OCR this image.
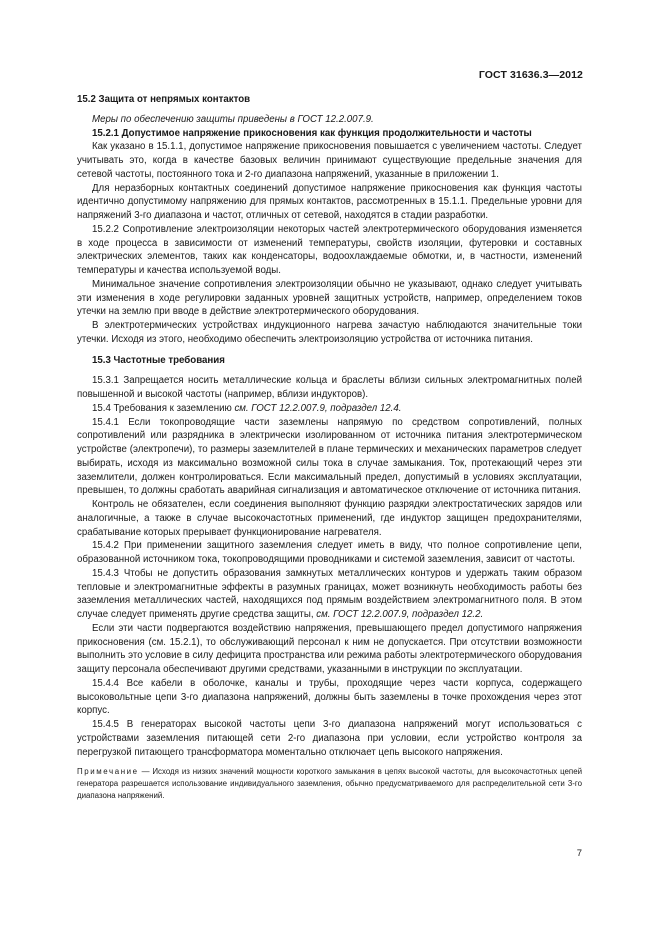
ГОСТ 31636.3—2012

15.2 Защита от непрямых контактов

Меры по обеспечению защиты приведены в ГОСТ 12.2.007.9.

15.2.1 Допустимое напряжение прикосновения как функция продолжительности и частоты

Как указано в 15.1.1, допустимое напряжение прикосновения повышается с увеличением частоты. Следует учитывать это, когда в качестве базовых величин принимают существующие предельные значения для сетевой частоты, постоянного тока и 2-го диапазона напряжений, указанные в приложении 1.

Для неразборных контактных соединений допустимое напряжение прикосновения как функция частоты идентично допустимому напряжению для прямых контактов, рассмотренных в 15.1.1. Предельные уровни для напряжений 3-го диапазона и частот, отличных от сетевой, находятся в стадии разработки.

15.2.2 Сопротивление электроизоляции некоторых частей электротермического оборудования изменяется в ходе процесса в зависимости от изменений температуры, свойств изоляции, футеровки и составных электрических элементов, таких как конденсаторы, водоохлаждаемые обмотки, и, в частности, изменений температуры и качества используемой воды.

Минимальное значение сопротивления электроизоляции обычно не указывают, однако следует учитывать эти изменения в ходе регулировки заданных уровней защитных устройств, например, определением токов утечки на землю при вводе в действие электротермического оборудования.

В электротермических устройствах индукционного нагрева зачастую наблюдаются значительные токи утечки. Исходя из этого, необходимо обеспечить электроизоляцию устройства от источника питания.

15.3 Частотные требования

15.3.1 Запрещается носить металлические кольца и браслеты вблизи сильных электромагнитных полей повышенной и высокой частоты (например, вблизи индукторов).

15.4 Требования к заземлению см. ГОСТ 12.2.007.9, подраздел 12.4.

15.4.1 Если токопроводящие части заземлены напрямую по средством сопротивлений, полных сопротивлений или разрядника в электрически изолированном от источника питания электротермическом устройстве (электропечи), то размеры заземлителей в плане термических и механических параметров следует выбирать, исходя из максимально возможной силы тока в случае замыкания. Ток, протекающий через эти заземлители, должен контролироваться. Если максимальный предел, допустимый в условиях эксплуатации, превышен, то должны сработать аварийная сигнализация и автоматическое отключение от источника питания.

Контроль не обязателен, если соединения выполняют функцию разрядки электростатических зарядов или аналогичные, а также в случае высокочастотных применений, где индуктор защищен предохранителями, срабатывание которых прерывает функционирование нагревателя.

15.4.2 При применении защитного заземления следует иметь в виду, что полное сопротивление цепи, образованной источником тока, токопроводящими проводниками и системой заземления, зависит от частоты.

15.4.3 Чтобы не допустить образования замкнутых металлических контуров и удержать таким образом тепловые и электромагнитные эффекты в разумных границах, может возникнуть необходимость работы без заземления металлических частей, находящихся под прямым воздействием электромагнитного поля. В этом случае следует применять другие средства защиты, см. ГОСТ 12.2.007.9, подраздел 12.2.

Если эти части подвергаются воздействию напряжения, превышающего предел допустимого напряжения прикосновения (см. 15.2.1), то обслуживающий персонал к ним не допускается. При отсутствии возможности выполнить это условие в силу дефицита пространства или режима работы электротермического оборудования защиту персонала обеспечивают другими средствами, указанными в инструкции по эксплуатации.

15.4.4 Все кабели в оболочке, каналы и трубы, проходящие через части корпуса, содержащего высоковольтные цепи 3-го диапазона напряжений, должны быть заземлены в точке прохождения через этот корпус.

15.4.5 В генераторах высокой частоты цепи 3-го диапазона напряжений могут использоваться с устройствами заземления питающей сети 2-го диапазона при условии, если устройство контроля за перегрузкой питающего трансформатора моментально отключает цепь высокого напряжения.

Примечание — Исходя из низких значений мощности короткого замыкания в цепях высокой частоты, для высокочастотных цепей генератора разрешается использование индивидуального заземления, обычно предусматриваемого для распределительной сети 3-го диапазона напряжений.

7
